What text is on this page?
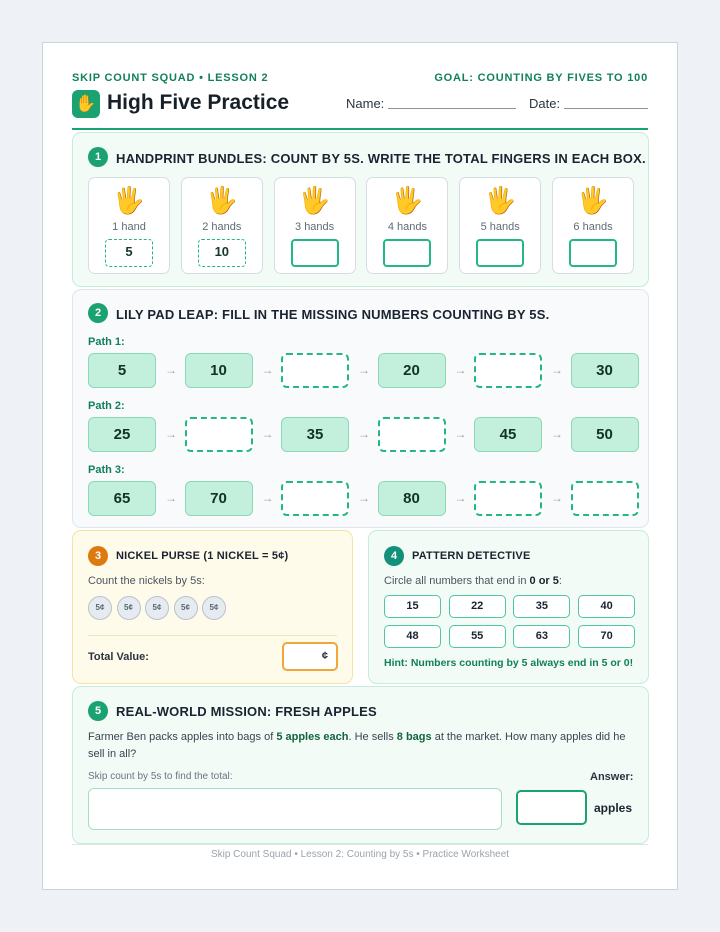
SKIP COUNT SQUAD • LESSON 2	GOAL: COUNTING BY FIVES TO 100
✋ High Five Practice	Name:	Date:
1	HANDPRINT BUNDLES: COUNT BY 5S. WRITE THE TOTAL FINGERS IN EACH BOX.
🖐
1 hand
5
🖐
2 hands
10
🖐
3 hands
🖐
4 hands
🖐
5 hands
🖐
6 hands
2	LILY PAD LEAP: FILL IN THE MISSING NUMBERS COUNTING BY 5S.
Path 1:
5	→	10	→	→	20	→	→	30
Path 2:
25	→	→	35	→	→	45	→	50
Path 3:
65	→	70	→	→	80	→	→
3	NICKEL PURSE (1 NICKEL = 5¢)
Count the nickels by 5s:
5¢	5¢	5¢	5¢	5¢
Total Value:	¢
4	PATTERN DETECTIVE
Circle all numbers that end in 0 or 5:
15	22	35	40
48	55	63	70
Hint: Numbers counting by 5 always end in 5 or 0!
5	REAL-WORLD MISSION: FRESH APPLES
Farmer Ben packs apples into bags of 5 apples each. He sells 8 bags at the market. How many apples did he sell in all?
Skip count by 5s to find the total:	Answer:
apples
Skip Count Squad • Lesson 2: Counting by 5s • Practice Worksheet
